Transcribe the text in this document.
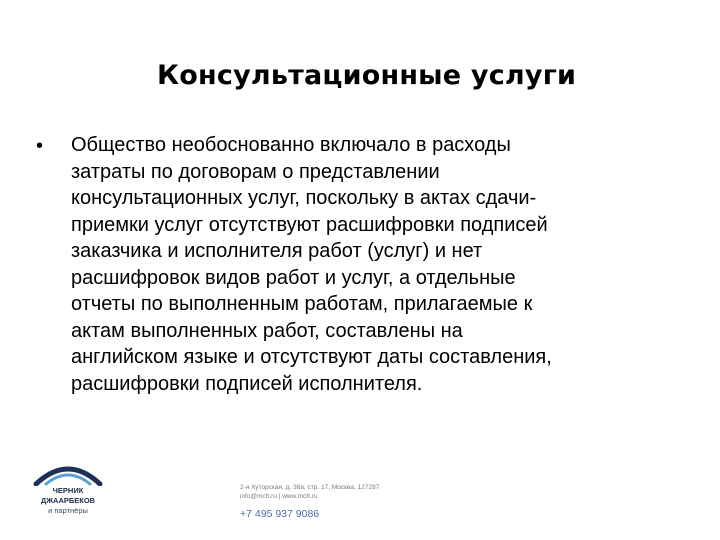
Консультационные услуги
• Общество необоснованно включало в расходы
затраты по договорам о представлении
консультационных услуг, поскольку в актах сдачи-
приемки услуг отсутствуют расшифровки подписей
заказчика и исполнителя работ (услуг) и нет
расшифровок видов работ и услуг, а отдельные
отчеты по выполненным работам, прилагаемые к
актам выполненных работ, составлены на
английском языке и отсутствуют даты составления,
расшифровки подписей исполнителя.
ЧЕРНИК
ДЖААРБЕКОВ
и партнёры
2-я Хуторская, д. 38а, стр. 17, Москва, 127287
info@mcfr.ru | www.mcfr.ru
+7 495 937 9086
